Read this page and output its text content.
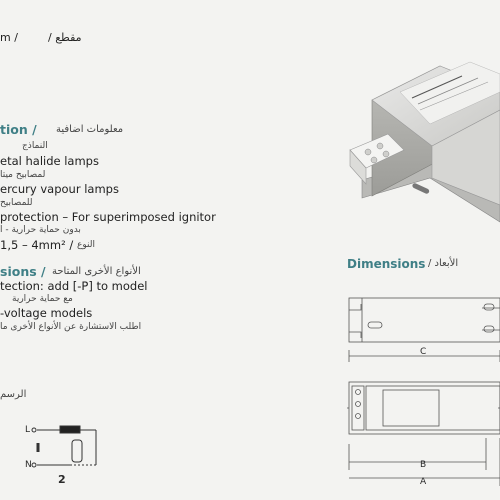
m /	مقطع /
tion / معلومات اضافية
النماذج
etal halide lamps
لمصابيح ميتا
ercury vapour lamps
للمصابيح
protection – For superimposed ignitor
بدون حماية حرارية - ا
1,5 – 4mm² / النوع
sions / الأنواع الأخرى المتاحة
tection: add [-P] to model
مع حماية حرارية
-voltage models
اطلب الاستشارة عن الأنواع الأخرى ما
الرسم
L
N
2
Dimensions الأبعاد /
C
B
A
